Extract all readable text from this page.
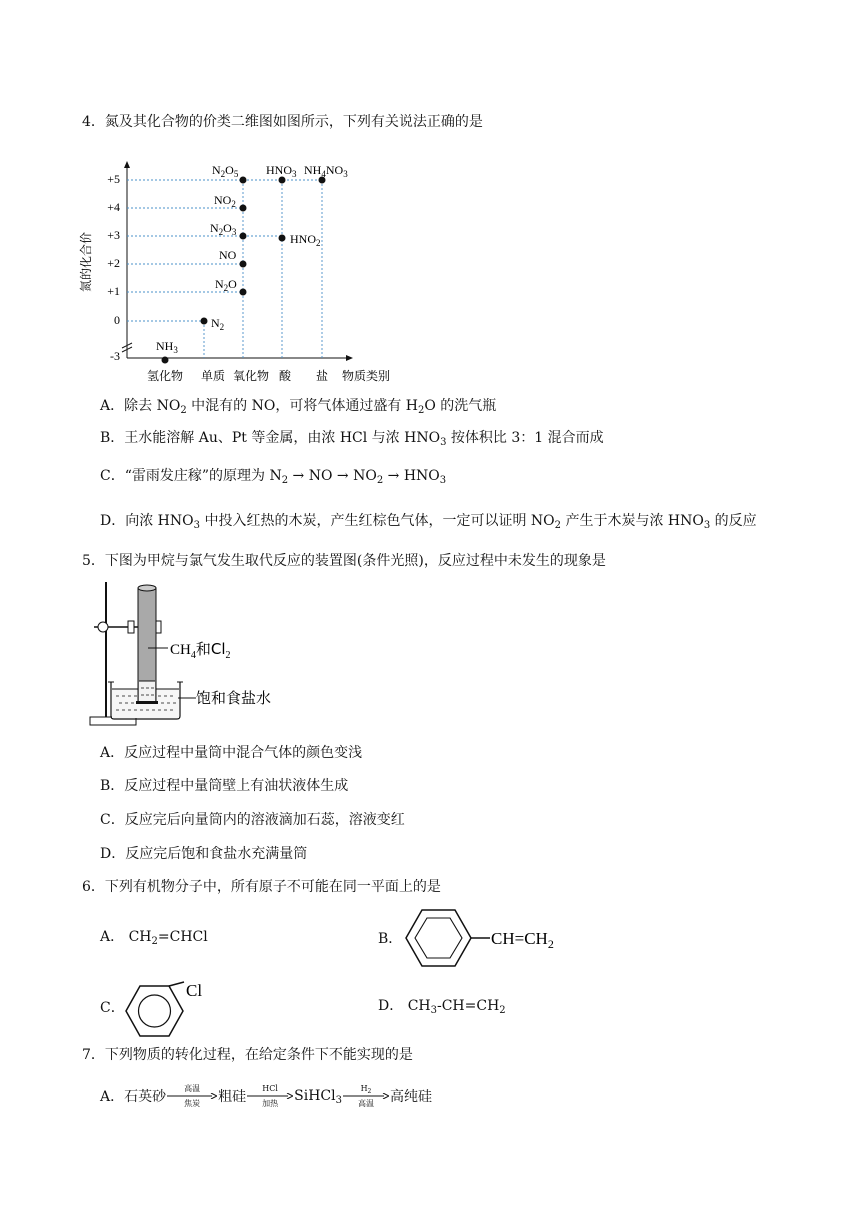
4．氮及其化合物的价类二维图如图所示，下列有关说法正确的是
氮的化合价
+5
+4
+3
+2
+1
0
-3
$N_2O_5$
$NO_2$
$N_2O_3$
NO
$N_2O$
$N_2$
$NH_3$
$HNO_3$
$HNO_2$
$NH_4NO_3$
氢化物 单质 氧化物 酸 盐 物质类别
A．除去 $NO_2$ 中混有的 NO，可将气体通过盛有 $H_2O$ 的洗气瓶
B．王水能溶解 Au、Pt 等金属，由浓 HCl 与浓 $HNO_3$ 按体积比 3：1 混合而成
C．“雷雨发庄稼”的原理为 $N_2$ → NO → $NO_2 \to HNO_3$
D．向浓 $HNO_3$ 中投入红热的木炭，产生红棕色气体，一定可以证明 $NO_2$ 产生于木炭与浓 $HNO_3$ 的反应
5．下图为甲烷与氯气发生取代反应的装置图(条件光照)，反应过程中未发生的现象是
$CH_4$和$Cl_2$
饱和食盐水
A．反应过程中量筒中混合气体的颜色变浅
B．反应过程中量筒壁上有油状液体生成
C．反应完后向量筒内的溶液滴加石蕊，溶液变红
D．反应完后饱和食盐水充满量筒
6．下列有机物分子中，所有原子不可能在同一平面上的是
A． $CH_2=CHCl$	B．	$CH=CH_2$
C．
Cl
D． $CH_3-CH=CH_2$
7．下列物质的转化过程，在给定条件下不能实现的是
A． 石英砂
高温
焦炭 粗硅
HCl
加热 SiHCl$_3$
$H_2$
高温 高纯硅
